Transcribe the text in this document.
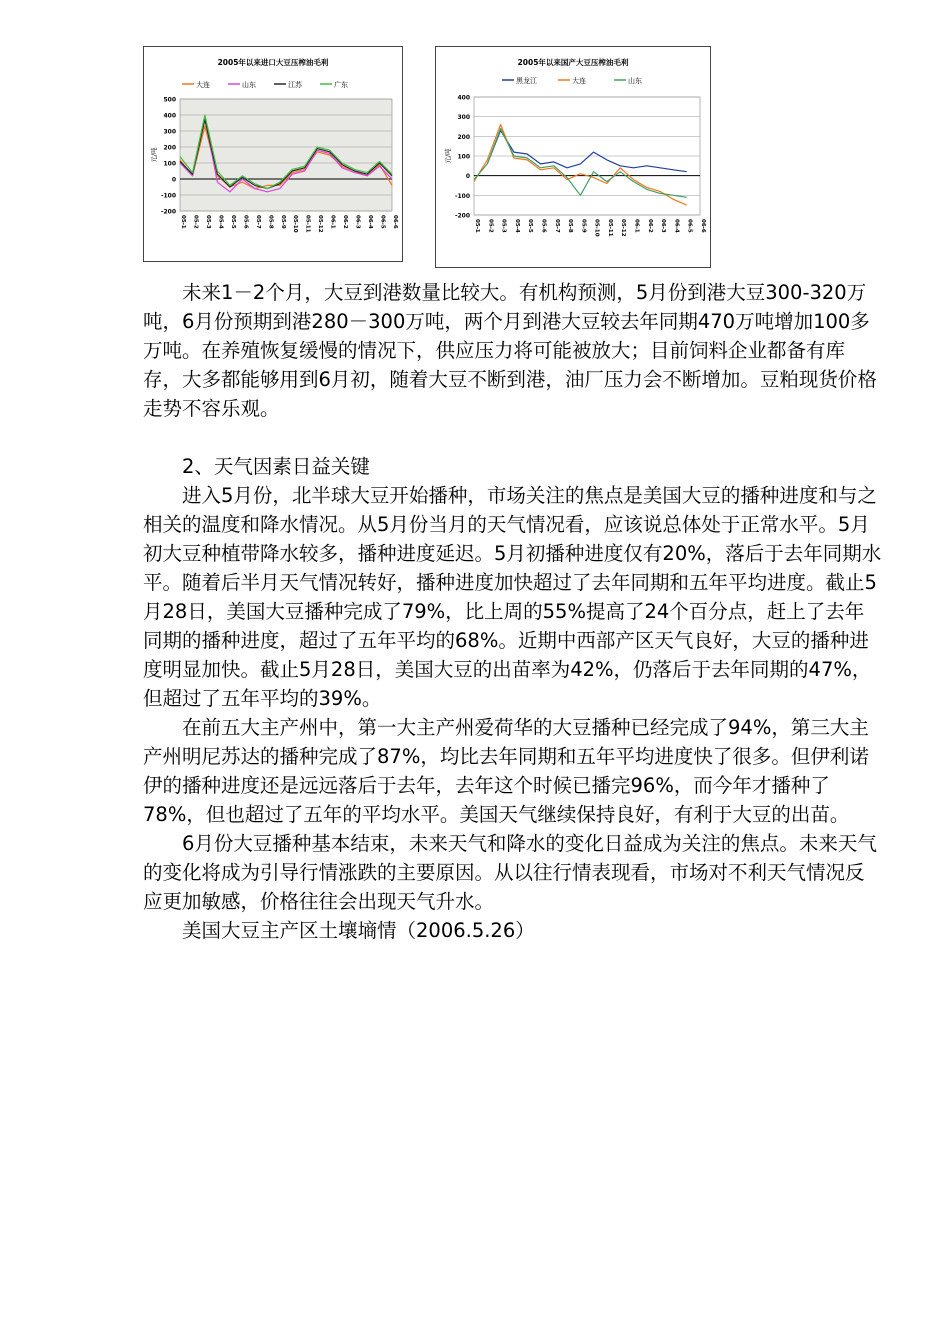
2005年以来进口大豆压榨油毛利
大连	山东	江苏	广东
500
400
300
200
100
0
-100
-200
元/吨
05-1 05-2 05-3 05-4 05-5 05-6 05-7 05-8 05-9 05-10 05-11 05-12 06-1 06-2 06-3 06-4 06-5 06-6
2005年以来国产大豆压榨油毛利
黑龙江	大连	山东
400
300
200
100
0
-100
-200
元/吨
05-1 05-2 05-3 05-4 05-5 05-6 05-7 05-8 05-9 05-10 05-11 05-12 06-1 06-2 06-3 06-4 06-5 06-6

未来1－2个月，大豆到港数量比较大。有机构预测，5月份到港大豆300-320万吨，6月份预期到港280－300万吨，两个月到港大豆较去年同期470万吨增加100多万吨。在养殖恢复缓慢的情况下，供应压力将可能被放大；目前饲料企业都备有库存，大多都能够用到6月初，随着大豆不断到港，油厂压力会不断增加。豆粕现货价格走势不容乐观。

2、天气因素日益关键

进入5月份，北半球大豆开始播种，市场关注的焦点是美国大豆的播种进度和与之相关的温度和降水情况。从5月份当月的天气情况看，应该说总体处于正常水平。5月初大豆种植带降水较多，播种进度延迟。5月初播种进度仅有20%，落后于去年同期水平。随着后半月天气情况转好，播种进度加快超过了去年同期和五年平均进度。截止5月28日，美国大豆播种完成了79%，比上周的55%提高了24个百分点，赶上了去年同期的播种进度，超过了五年平均的68%。近期中西部产区天气良好，大豆的播种进度明显加快。截止5月28日，美国大豆的出苗率为42%，仍落后于去年同期的47%，但超过了五年平均的39%。

在前五大主产州中，第一大主产州爱荷华的大豆播种已经完成了94%，第三大主产州明尼苏达的播种完成了87%，均比去年同期和五年平均进度快了很多。但伊利诺伊的播种进度还是远远落后于去年，去年这个时候已播完96%，而今年才播种了78%，但也超过了五年的平均水平。美国天气继续保持良好，有利于大豆的出苗。

6月份大豆播种基本结束，未来天气和降水的变化日益成为关注的焦点。未来天气的变化将成为引导行情涨跌的主要原因。从以往行情表现看，市场对不利天气情况反应更加敏感，价格往往会出现天气升水。

美国大豆主产区土壤墒情（2006.5.26）
